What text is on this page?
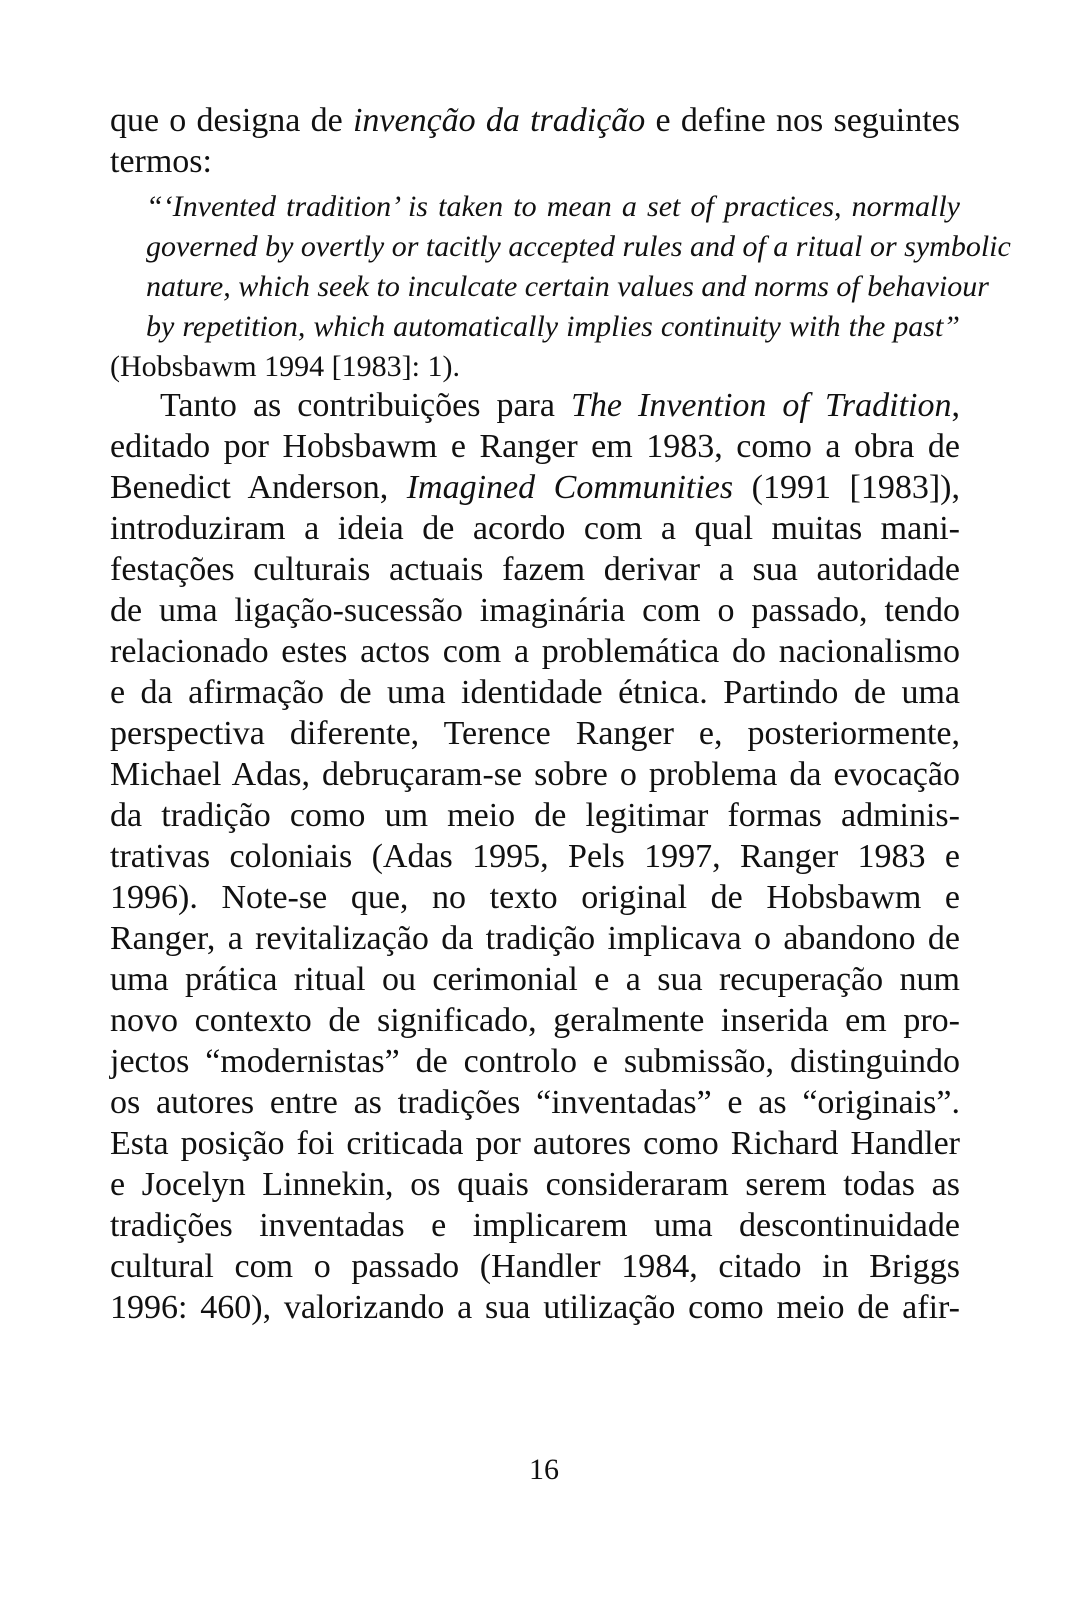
que o designa de invenção da tradição e define nos seguintes
termos:
“‘Invented tradition’ is taken to mean a set of practices, normally
governed by overtly or tacitly accepted rules and of a ritual or symbolic
nature, which seek to inculcate certain values and norms of behaviour
by repetition, which automatically implies continuity with the past”
(Hobsbawm 1994 [1983]: 1).
Tanto as contribuições para The Invention of Tradition,
editado por Hobsbawm e Ranger em 1983, como a obra de
Benedict Anderson, Imagined Communities (1991 [1983]),
introduziram a ideia de acordo com a qual muitas mani-
festações culturais actuais fazem derivar a sua autoridade
de uma ligação-sucessão imaginária com o passado, tendo
relacionado estes actos com a problemática do nacionalismo
e da afirmação de uma identidade étnica. Partindo de uma
perspectiva diferente, Terence Ranger e, posteriormente,
Michael Adas, debruçaram-se sobre o problema da evocação
da tradição como um meio de legitimar formas adminis-
trativas coloniais (Adas 1995, Pels 1997, Ranger 1983 e
1996). Note-se que, no texto original de Hobsbawm e
Ranger, a revitalização da tradição implicava o abandono de
uma prática ritual ou cerimonial e a sua recuperação num
novo contexto de significado, geralmente inserida em pro-
jectos “modernistas” de controlo e submissão, distinguindo
os autores entre as tradições “inventadas” e as “originais”.
Esta posição foi criticada por autores como Richard Handler
e Jocelyn Linnekin, os quais consideraram serem todas as
tradições inventadas e implicarem uma descontinuidade
cultural com o passado (Handler 1984, citado in Briggs
1996: 460), valorizando a sua utilização como meio de afir-
16
